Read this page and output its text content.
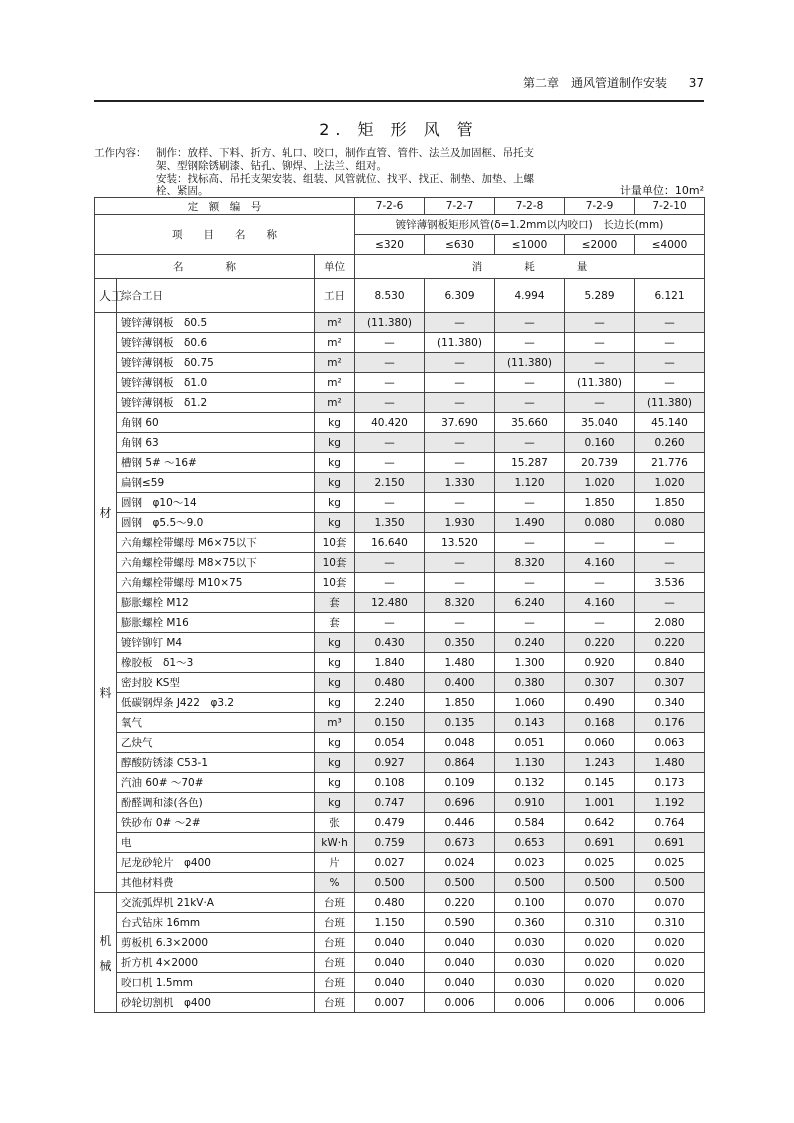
第二章　通风管道制作安装 37
2. 矩 形 风 管
工作内容： 制作：放样、下料、折方、轧口、咬口，制作直管、管件、法兰及加固框、吊托支
架、型钢除锈刷漆、钻孔、铆焊、上法兰、组对。
安装：找标高、吊托支架安装、组装、风管就位、找平、找正、制垫、加垫、上螺
栓、紧固。	计量单位：10m²
定　额　编　号			7-2-6	7-2-7	7-2-8	7-2-9	7-2-10
项　　目　　名　　称			镀锌薄钢板矩形风管(δ=1.2mm以内咬口)　长边长(mm)				
			≤320	≤630	≤1000	≤2000	≤4000
名　　　　称		单位	消　　　　耗　　　　量				
人工	综合工日	工日	8.530	6.309	4.994	5.289	6.121

材
料	镀锌薄钢板　δ0.5	m²	(11.380)	—	—	—	—
	镀锌薄钢板　δ0.6	m²	—	(11.380)	—	—	—
	镀锌薄钢板　δ0.75	m²	—	—	(11.380)	—	—
	镀锌薄钢板　δ1.0	m²	—	—	—	(11.380)	—
	镀锌薄钢板　δ1.2	m²	—	—	—	—	(11.380)
	角钢 60	kg	40.420	37.690	35.660	35.040	45.140
	角钢 63	kg	—	—	—	0.160	0.260
	槽钢 5# ～16#	kg	—	—	15.287	20.739	21.776
	扁钢≤59	kg	2.150	1.330	1.120	1.020	1.020
	圆钢　φ10～14	kg	—	—	—	1.850	1.850
	圆钢　φ5.5～9.0	kg	1.350	1.930	1.490	0.080	0.080
	六角螺栓带螺母 M6×75以下	10套	16.640	13.520	—	—	—
	六角螺栓带螺母 M8×75以下	10套	—	—	8.320	4.160	—
	六角螺栓带螺母 M10×75	10套	—	—	—	—	3.536
	膨胀螺栓 M12	套	12.480	8.320	6.240	4.160	—
	膨胀螺栓 M16	套	—	—	—	—	2.080
	镀锌铆钉 M4	kg	0.430	0.350	0.240	0.220	0.220
	橡胶板　δ1～3	kg	1.840	1.480	1.300	0.920	0.840
	密封胶 KS型	kg	0.480	0.400	0.380	0.307	0.307
	低碳钢焊条 J422　φ3.2	kg	2.240	1.850	1.060	0.490	0.340
	氧气	m³	0.150	0.135	0.143	0.168	0.176
	乙炔气	kg	0.054	0.048	0.051	0.060	0.063
	醇酸防锈漆 C53-1	kg	0.927	0.864	1.130	1.243	1.480
	汽油 60# ～70#	kg	0.108	0.109	0.132	0.145	0.173
	酚醛调和漆(各色)	kg	0.747	0.696	0.910	1.001	1.192
	铁砂布 0# ～2#	张	0.479	0.446	0.584	0.642	0.764
	电	kW·h	0.759	0.673	0.653	0.691	0.691
	尼龙砂轮片　φ400	片	0.027	0.024	0.023	0.025	0.025
	其他材料费	%	0.500	0.500	0.500	0.500	0.500

机
械	交流弧焊机 21kV·A	台班	0.480	0.220	0.100	0.070	0.070
	台式钻床 16mm	台班	1.150	0.590	0.360	0.310	0.310
	剪板机 6.3×2000	台班	0.040	0.040	0.030	0.020	0.020
	折方机 4×2000	台班	0.040	0.040	0.030	0.020	0.020
	咬口机 1.5mm	台班	0.040	0.040	0.030	0.020	0.020
	砂轮切割机　φ400	台班	0.007	0.006	0.006	0.006	0.006
